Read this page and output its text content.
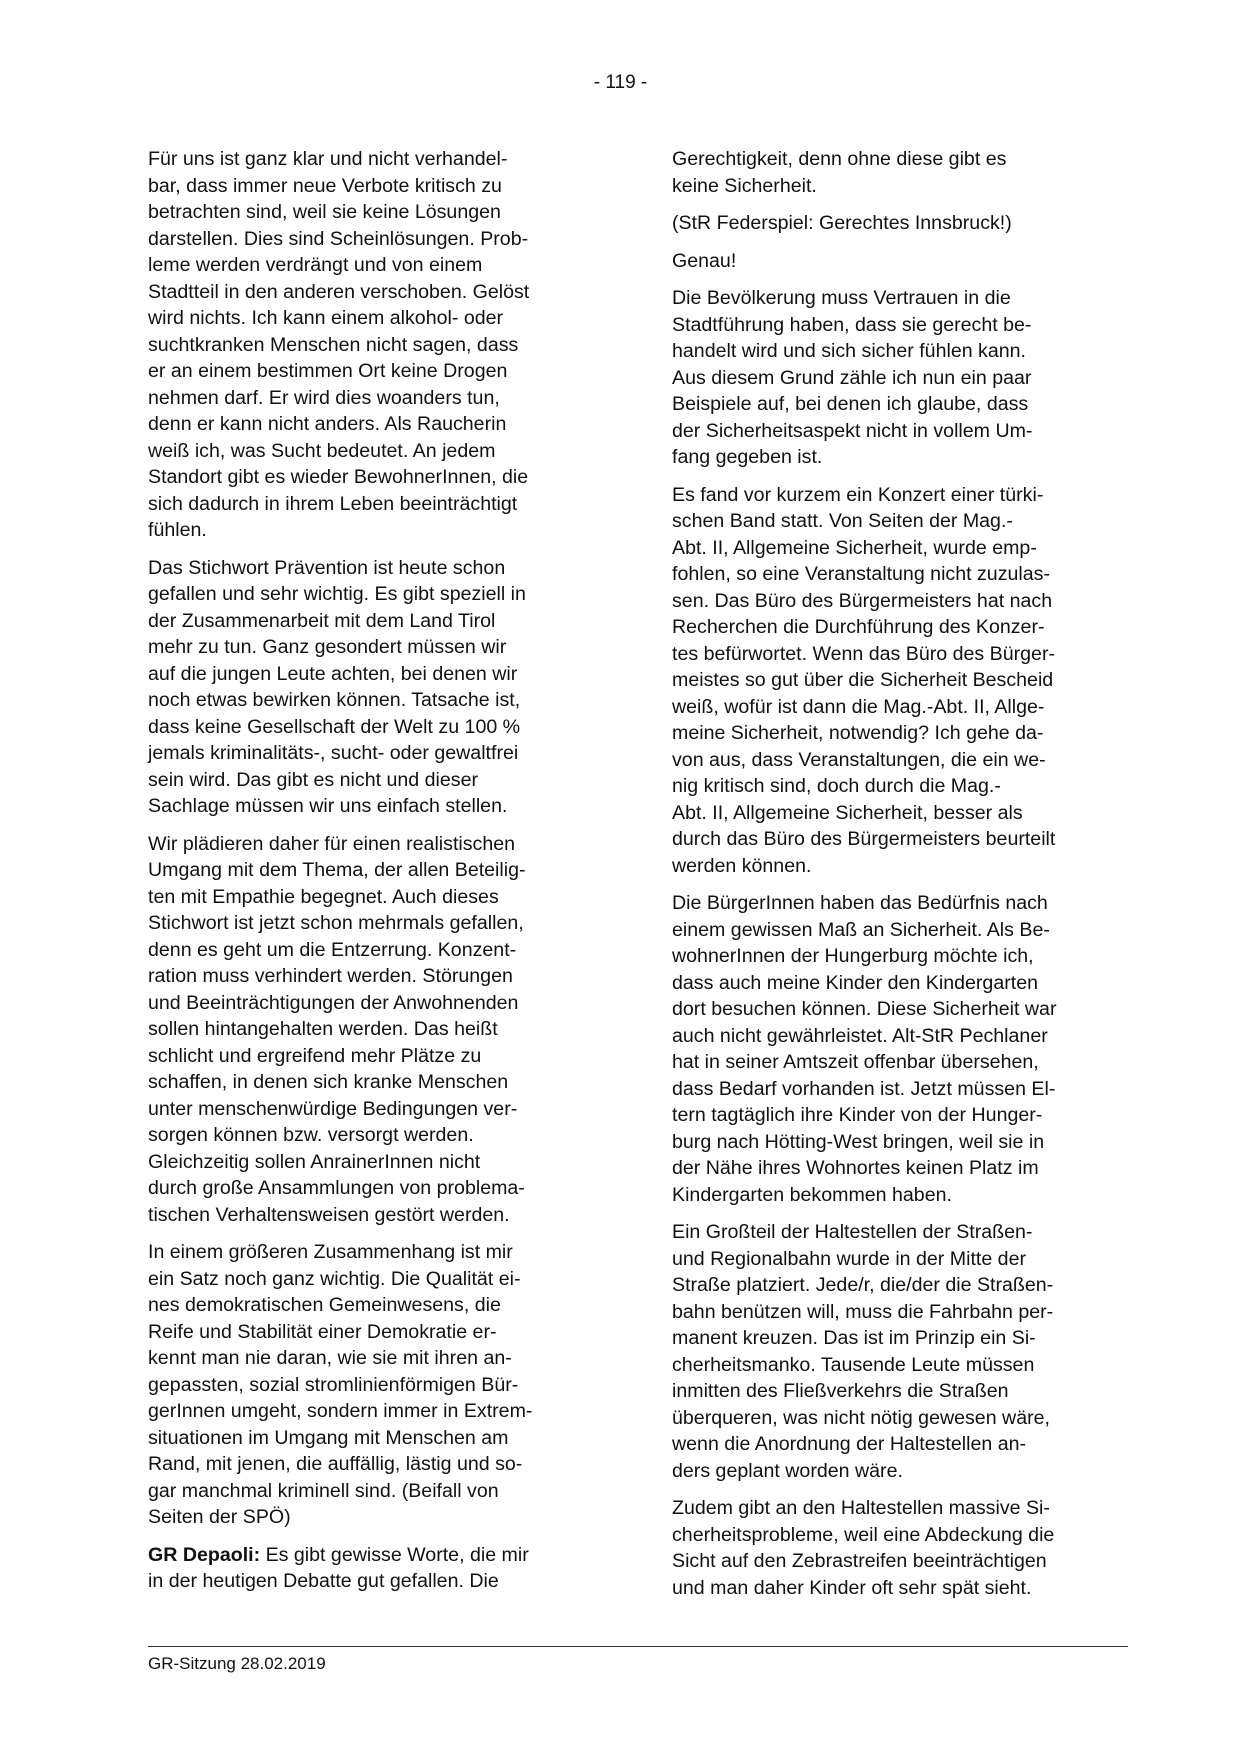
- 119 -

Für uns ist ganz klar und nicht verhandel-
bar, dass immer neue Verbote kritisch zu
betrachten sind, weil sie keine Lösungen
darstellen. Dies sind Scheinlösungen. Prob-
leme werden verdrängt und von einem
Stadtteil in den anderen verschoben. Gelöst
wird nichts. Ich kann einem alkohol- oder
suchtkranken Menschen nicht sagen, dass
er an einem bestimmen Ort keine Drogen
nehmen darf. Er wird dies woanders tun,
denn er kann nicht anders. Als Raucherin
weiß ich, was Sucht bedeutet. An jedem
Standort gibt es wieder BewohnerInnen, die
sich dadurch in ihrem Leben beeinträchtigt
fühlen.

Das Stichwort Prävention ist heute schon
gefallen und sehr wichtig. Es gibt speziell in
der Zusammenarbeit mit dem Land Tirol
mehr zu tun. Ganz gesondert müssen wir
auf die jungen Leute achten, bei denen wir
noch etwas bewirken können. Tatsache ist,
dass keine Gesellschaft der Welt zu 100 %
jemals kriminalitäts-, sucht- oder gewaltfrei
sein wird. Das gibt es nicht und dieser
Sachlage müssen wir uns einfach stellen.

Wir plädieren daher für einen realistischen
Umgang mit dem Thema, der allen Beteilig-
ten mit Empathie begegnet. Auch dieses
Stichwort ist jetzt schon mehrmals gefallen,
denn es geht um die Entzerrung. Konzent-
ration muss verhindert werden. Störungen
und Beeinträchtigungen der Anwohnenden
sollen hintangehalten werden. Das heißt
schlicht und ergreifend mehr Plätze zu
schaffen, in denen sich kranke Menschen
unter menschenwürdige Bedingungen ver-
sorgen können bzw. versorgt werden.
Gleichzeitig sollen AnrainerInnen nicht
durch große Ansammlungen von problema-
tischen Verhaltensweisen gestört werden.

In einem größeren Zusammenhang ist mir
ein Satz noch ganz wichtig. Die Qualität ei-
nes demokratischen Gemeinwesens, die
Reife und Stabilität einer Demokratie er-
kennt man nie daran, wie sie mit ihren an-
gepassten, sozial stromlinienförmigen Bür-
gerInnen umgeht, sondern immer in Extrem-
situationen im Umgang mit Menschen am
Rand, mit jenen, die auffällig, lästig und so-
gar manchmal kriminell sind. (Beifall von
Seiten der SPÖ)

GR Depaoli: Es gibt gewisse Worte, die mir
in der heutigen Debatte gut gefallen. Die

Gerechtigkeit, denn ohne diese gibt es
keine Sicherheit.

(StR Federspiel: Gerechtes Innsbruck!)

Genau!

Die Bevölkerung muss Vertrauen in die
Stadtführung haben, dass sie gerecht be-
handelt wird und sich sicher fühlen kann.
Aus diesem Grund zähle ich nun ein paar
Beispiele auf, bei denen ich glaube, dass
der Sicherheitsaspekt nicht in vollem Um-
fang gegeben ist.

Es fand vor kurzem ein Konzert einer türki-
schen Band statt. Von Seiten der Mag.-
Abt. II, Allgemeine Sicherheit, wurde emp-
fohlen, so eine Veranstaltung nicht zuzulas-
sen. Das Büro des Bürgermeisters hat nach
Recherchen die Durchführung des Konzer-
tes befürwortet. Wenn das Büro des Bürger-
meistes so gut über die Sicherheit Bescheid
weiß, wofür ist dann die Mag.-Abt. II, Allge-
meine Sicherheit, notwendig? Ich gehe da-
von aus, dass Veranstaltungen, die ein we-
nig kritisch sind, doch durch die Mag.-
Abt. II, Allgemeine Sicherheit, besser als
durch das Büro des Bürgermeisters beurteilt
werden können.

Die BürgerInnen haben das Bedürfnis nach
einem gewissen Maß an Sicherheit. Als Be-
wohnerInnen der Hungerburg möchte ich,
dass auch meine Kinder den Kindergarten
dort besuchen können. Diese Sicherheit war
auch nicht gewährleistet. Alt-StR Pechlaner
hat in seiner Amtszeit offenbar übersehen,
dass Bedarf vorhanden ist. Jetzt müssen El-
tern tagtäglich ihre Kinder von der Hunger-
burg nach Hötting-West bringen, weil sie in
der Nähe ihres Wohnortes keinen Platz im
Kindergarten bekommen haben.

Ein Großteil der Haltestellen der Straßen-
und Regionalbahn wurde in der Mitte der
Straße platziert. Jede/r, die/der die Straßen-
bahn benützen will, muss die Fahrbahn per-
manent kreuzen. Das ist im Prinzip ein Si-
cherheitsmanko. Tausende Leute müssen
inmitten des Fließverkehrs die Straßen
überqueren, was nicht nötig gewesen wäre,
wenn die Anordnung der Haltestellen an-
ders geplant worden wäre.

Zudem gibt an den Haltestellen massive Si-
cherheitsprobleme, weil eine Abdeckung die
Sicht auf den Zebrastreifen beeinträchtigen
und man daher Kinder oft sehr spät sieht.

GR-Sitzung 28.02.2019
